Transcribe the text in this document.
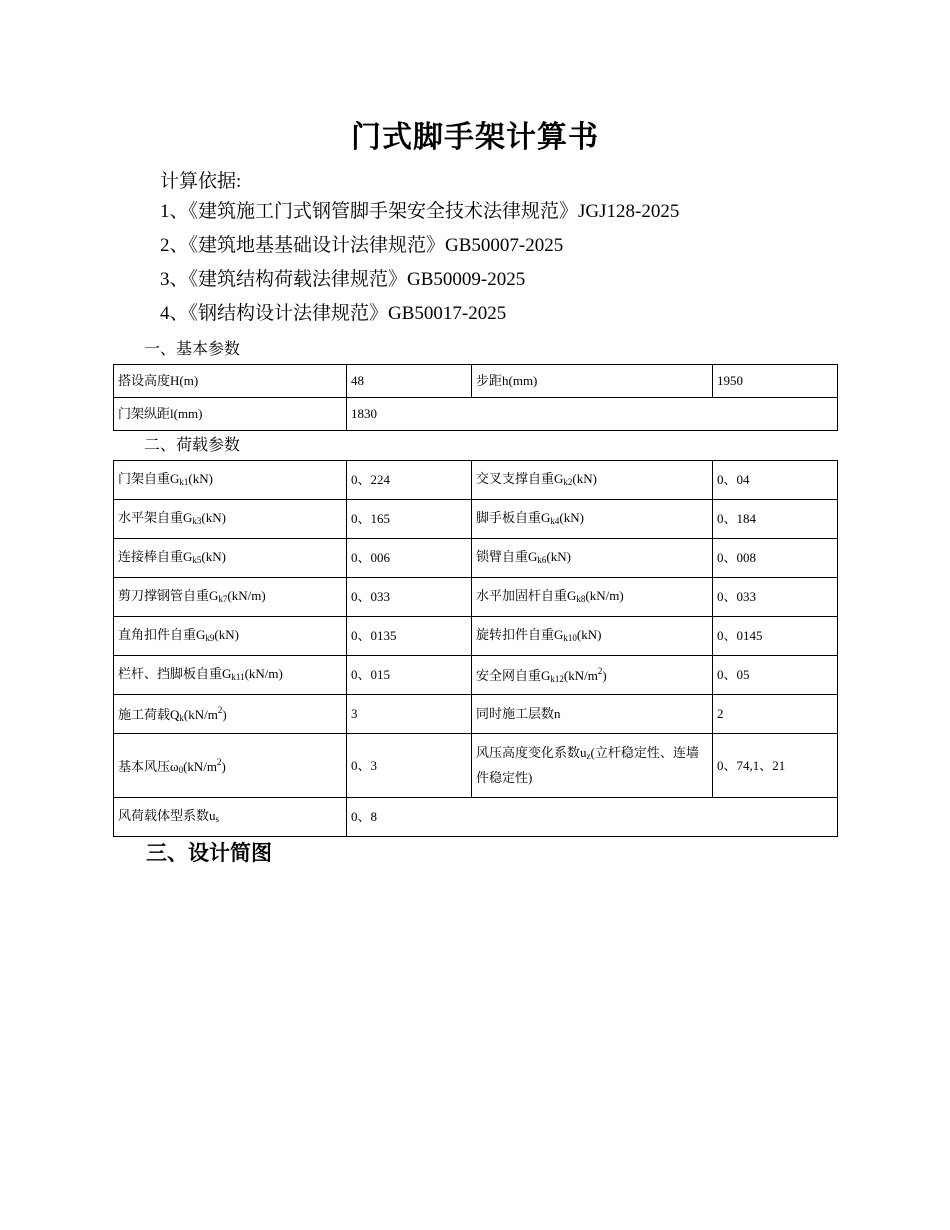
门式脚手架计算书
计算依据:
1、《建筑施工门式钢管脚手架安全技术法律规范》JGJ128-2025
2、《建筑地基基础设计法律规范》GB50007-2025
3、《建筑结构荷载法律规范》GB50009-2025
4、《钢结构设计法律规范》GB50017-2025
一、基本参数
搭设高度H(m)	48	步距h(mm)	1950
门架纵距l(mm)	1830		
二、荷载参数
门架自重$G_{k1}(kN)$	0、224	交叉支撑自重$G_{k2}(kN)$	0、04
水平架自重$G_{k3}(kN)$	0、165	脚手板自重$G_{k4}(kN)$	0、184
连接棒自重$G_{k5}(kN)$	0、006	锁臂自重$G_{k6}(kN)$	0、008
剪刀撑钢管自重$G_{k7}(kN/m)$	0、033	水平加固杆自重$G_{k8}(kN/m)$	0、033
直角扣件自重$G_{k9}(kN)$	0、0135	旋转扣件自重$G_{k10}(kN)$	0、0145
栏杆、挡脚板自重$G_{k11}(kN/m)$	0、015	安全网自重$G_{k12}(kN/m^2)$	0、05
施工荷载$Q_k(kN/m^2)$	3	同时施工层数n	2
基本风压$\omega_0(kN/m^2)$	0、3	风压高度变化系数$u_z$(立杆稳定性、连墙件稳定性)	0、74,1、21
风荷载体型系数$u_s$	0、8		
三、设计简图
